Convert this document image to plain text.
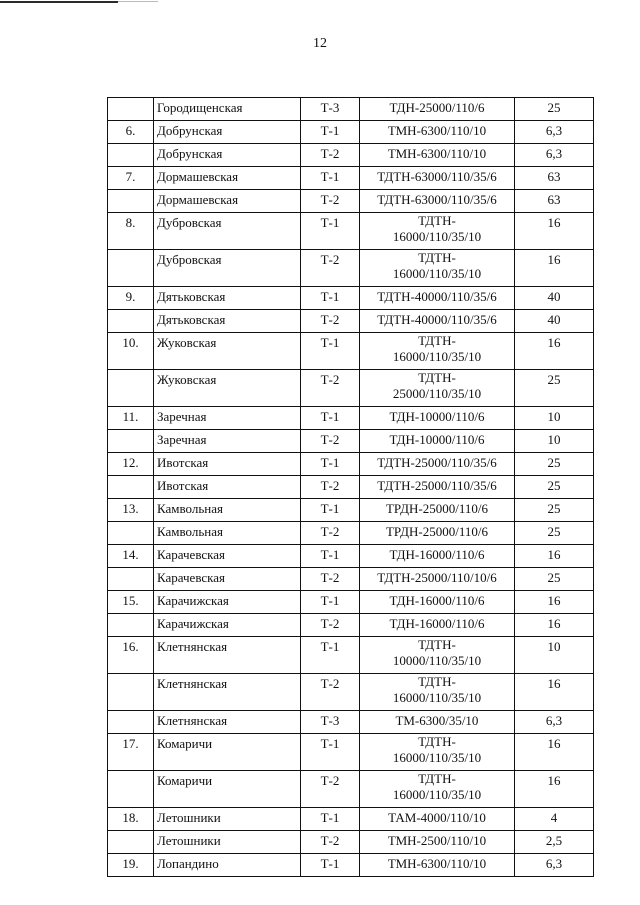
12
	Городищенская	Т-3	ТДН-25000/110/6	25
6.	Добрунская	Т-1	ТМН-6300/110/10	6,3
	Добрунская	Т-2	ТМН-6300/110/10	6,3
7.	Дормашевская	Т-1	ТДТН-63000/110/35/6	63
	Дормашевская	Т-2	ТДТН-63000/110/35/6	63
8.	Дубровская	Т-1	ТДТН-
16000/110/35/10	16
	Дубровская	Т-2	ТДТН-
16000/110/35/10	16
9.	Дятьковская	Т-1	ТДТН-40000/110/35/6	40
	Дятьковская	Т-2	ТДТН-40000/110/35/6	40
10.	Жуковская	Т-1	ТДТН-
16000/110/35/10	16
	Жуковская	Т-2	ТДТН-
25000/110/35/10	25
11.	Заречная	Т-1	ТДН-10000/110/6	10
	Заречная	Т-2	ТДН-10000/110/6	10
12.	Ивотская	Т-1	ТДТН-25000/110/35/6	25
	Ивотская	Т-2	ТДТН-25000/110/35/6	25
13.	Камвольная	Т-1	ТРДН-25000/110/6	25
	Камвольная	Т-2	ТРДН-25000/110/6	25
14.	Карачевская	Т-1	ТДН-16000/110/6	16
	Карачевская	Т-2	ТДТН-25000/110/10/6	25
15.	Карачижская	Т-1	ТДН-16000/110/6	16
	Карачижская	Т-2	ТДН-16000/110/6	16
16.	Клетнянская	Т-1	ТДТН-
10000/110/35/10	10
	Клетнянская	Т-2	ТДТН-
16000/110/35/10	16
	Клетнянская	Т-3	ТМ-6300/35/10	6,3
17.	Комаричи	Т-1	ТДТН-
16000/110/35/10	16
	Комаричи	Т-2	ТДТН-
16000/110/35/10	16
18.	Летошники	Т-1	ТАМ-4000/110/10	4
	Летошники	Т-2	ТМН-2500/110/10	2,5
19.	Лопандино	Т-1	ТМН-6300/110/10	6,3
